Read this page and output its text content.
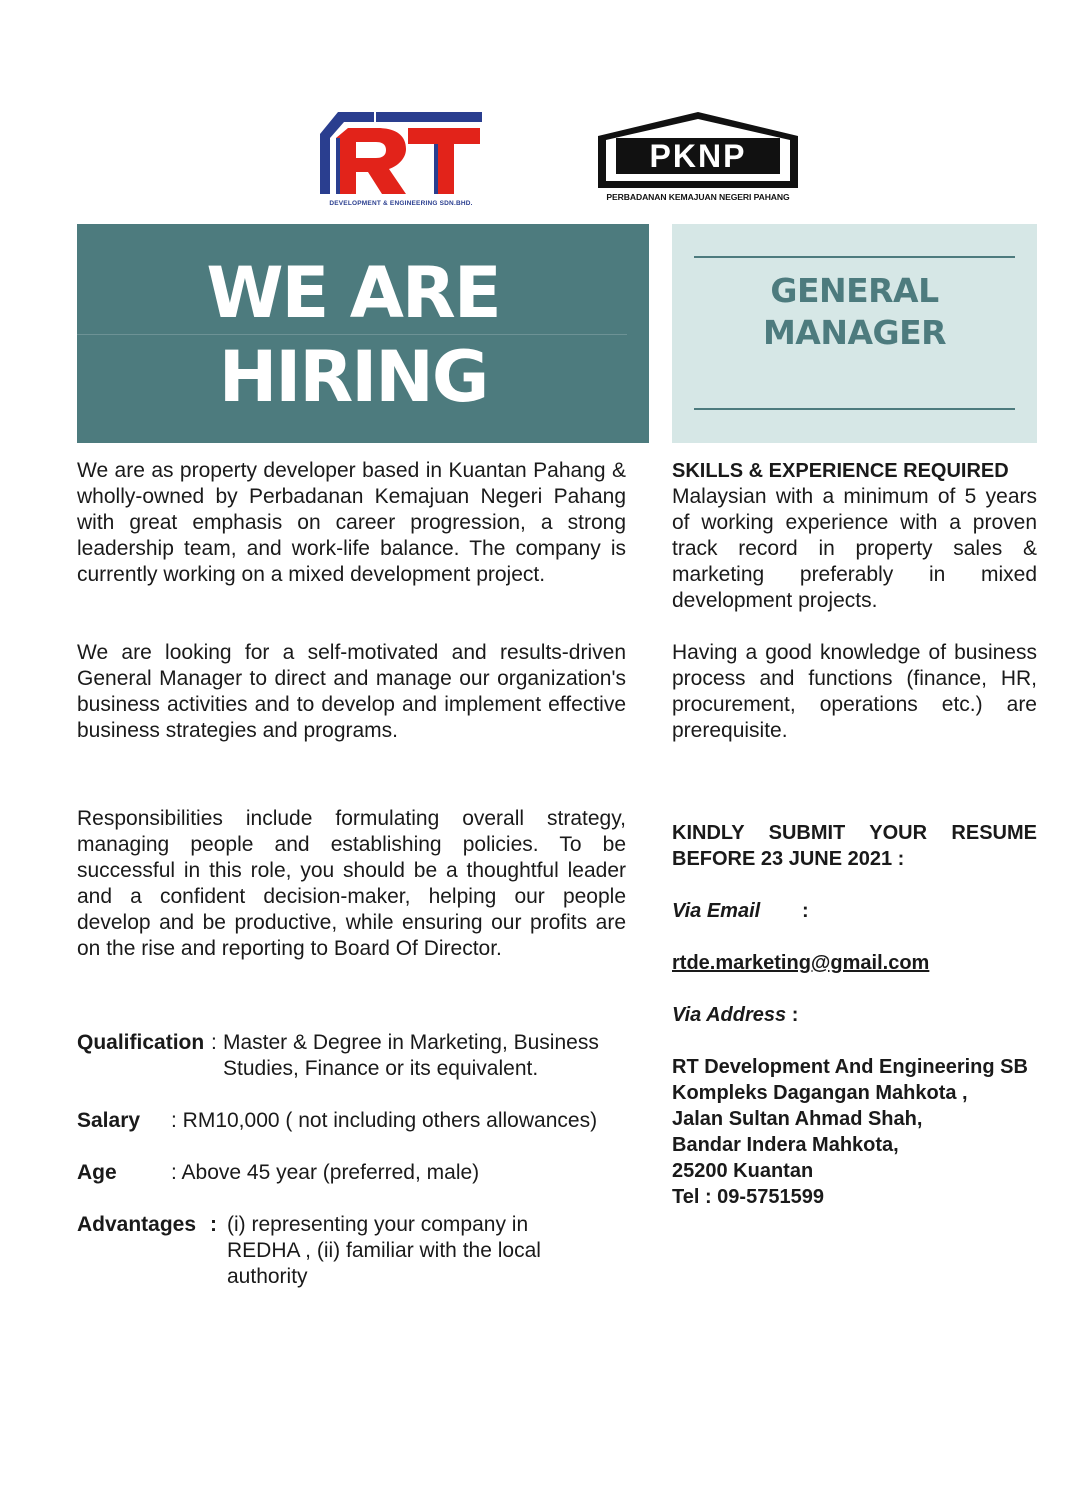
DEVELOPMENT & ENGINEERING SDN.BHD.
PKNP
PERBADANAN KEMAJUAN NEGERI PAHANG
WE ARE
HIRING
GENERAL
MANAGER

We are as property developer based in Kuantan Pahang & wholly-owned by Perbadanan Kemajuan Negeri Pahang with great emphasis on career progression, a strong leadership team, and work-life balance. The company is currently working on a mixed development project.

We are looking for a self-motivated and results-driven General Manager to direct and manage our organization's business activities and to develop and implement effective business strategies and programs.

Responsibilities include formulating overall strategy, managing people and establishing policies. To be successful in this role, you should be a thoughtful leader and a confident decision-maker, helping our people develop and be productive, while ensuring our profits are on the rise and reporting to Board Of Director.

Qualification : Master & Degree in Marketing, Business Studies, Finance or its equivalent.
Salary : RM10,000 ( not including others allowances)
Age	: Above 45 year (preferred, male)
Advantages : (i) representing your company in REDHA , (ii) familiar with the local authority
SKILLS & EXPERIENCE REQUIRED

Malaysian with a minimum of 5 years of working experience with a proven track record in property sales & marketing preferably in mixed development projects.

Having a good knowledge of business process and functions (finance, HR, procurement, operations etc.) are prerequisite.

KINDLY SUBMIT YOUR RESUME BEFORE 23 JUNE 2021 :
Via Email :
rtde.marketing@gmail.com
Via Address :
RT Development And Engineering SB
Kompleks Dagangan Mahkota ,
Jalan Sultan Ahmad Shah,
Bandar Indera Mahkota,
25200 Kuantan
Tel : 09-5751599
